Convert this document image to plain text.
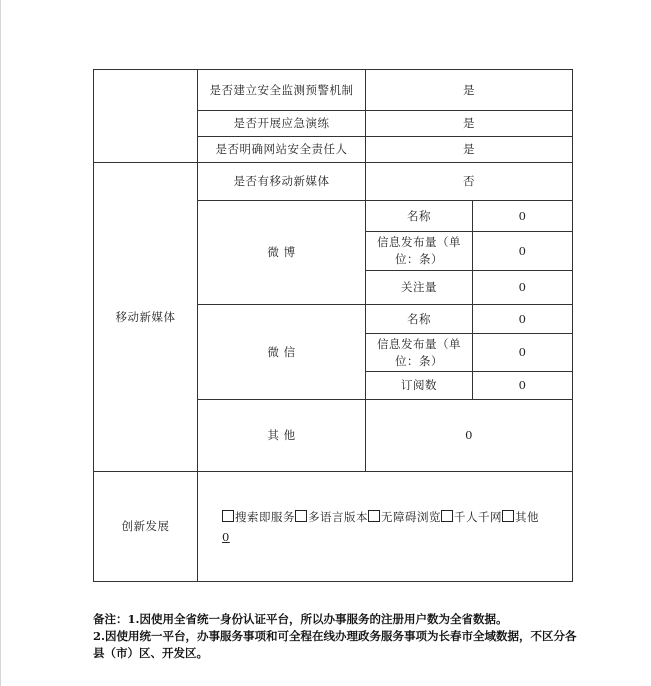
	是否建立安全监测预警机制	是	
	是否开展应急演练	是	
	是否明确网站安全责任人	是	
移动新媒体	是否有移动新媒体	否	
	微 博	名称	0
		信息发布量（单位：条）	0
		关注量	0
	微 信	名称	0
		信息发布量（单位：条）	0
		订阅数	0
	其 他	0	
创新发展	搜索即服务 多语言版本 无障碍浏览 千人千网 其他
0		
备注：1.因使用全省统一身份认证平台，所以办事服务的注册用户数为全省数据。
2.因使用统一平台，办事服务事项和可全程在线办理政务服务事项为长春市全域数据，不区分各县（市）区、开发区。
